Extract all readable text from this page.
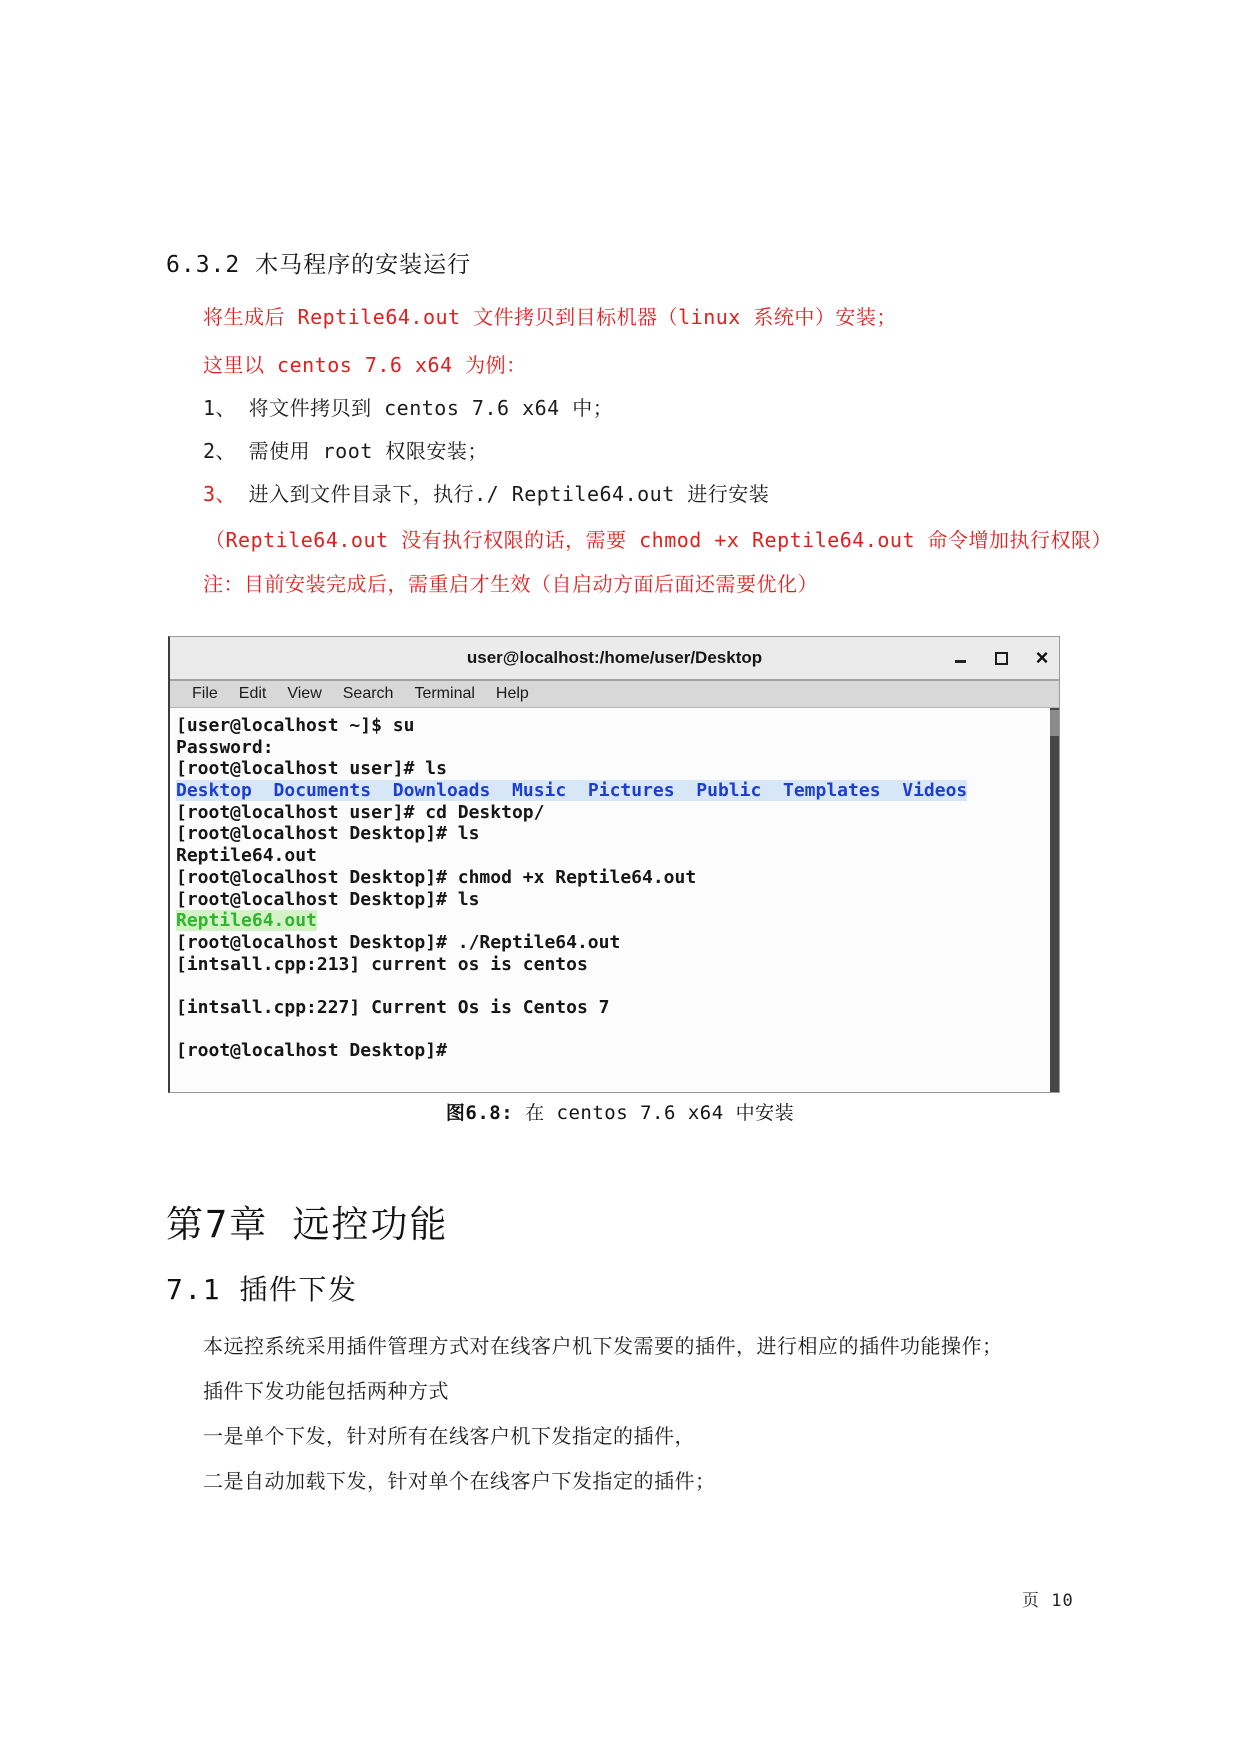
6.3.2 木马程序的安装运行
将生成后 Reptile64.out 文件拷贝到目标机器（linux 系统中）安装；
这里以 centos 7.6 x64 为例：
1、 将文件拷贝到 centos 7.6 x64 中；
2、 需使用 root 权限安装；
3、 进入到文件目录下，执行./ Reptile64.out 进行安装
（Reptile64.out 没有执行权限的话，需要 chmod +x Reptile64.out 命令增加执行权限）
注：目前安装完成后，需重启才生效（自启动方面后面还需要优化）
user@localhost:/home/user/Desktop
×
File Edit View Search Terminal Help
[user@localhost ~]$ su
Password:
[root@localhost user]# ls
Desktop Documents Downloads Music Pictures Public Templates Videos
[root@localhost user]# cd Desktop/
[root@localhost Desktop]# ls
Reptile64.out
[root@localhost Desktop]# chmod +x Reptile64.out
[root@localhost Desktop]# ls
Reptile64.out
[root@localhost Desktop]# ./Reptile64.out
[intsall.cpp:213] current os is centos

[intsall.cpp:227] Current Os is Centos 7

[root@localhost Desktop]#
图6.8: 在 centos 7.6 x64 中安装
第7章 远控功能
7.1 插件下发
本远控系统采用插件管理方式对在线客户机下发需要的插件，进行相应的插件功能操作；
插件下发功能包括两种方式
一是单个下发，针对所有在线客户机下发指定的插件，
二是自动加载下发，针对单个在线客户下发指定的插件；
页 10
